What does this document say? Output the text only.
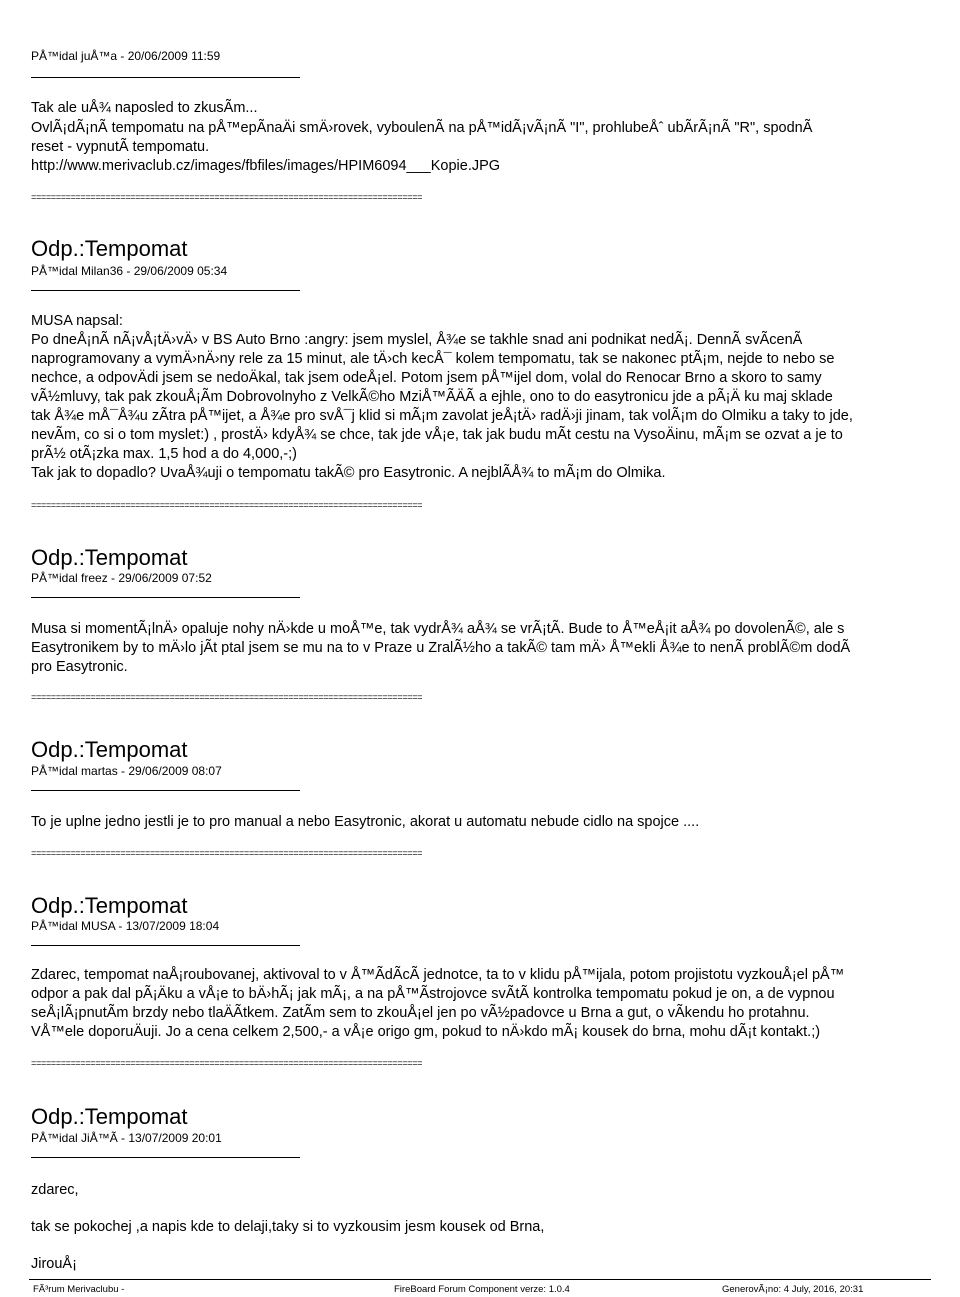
PÅ™idal juÅ™a - 20/06/2009 11:59
Tak ale uÅ¾ naposled to zkusÃm...
OvlÃ¡dÃ¡nÃ tempomatu na pÅ™epÃnaÄi smÄ›rovek, vyboulenÃ na pÅ™idÃ¡vÃ¡nÃ "I", prohlubeÅˆ ubÃrÃ¡nÃ "R", spodnÃ
reset - vypnutÃ tempomatu.
http://www.merivaclub.cz/images/fbfiles/images/HPIM6094___Kopie.JPG
===============================================================================
Odp.:Tempomat
PÅ™idal Milan36 - 29/06/2009 05:34
MUSA napsal:
Po dneÅ¡nÃ nÃ¡vÅ¡tÄ›vÄ› v BS Auto Brno :angry: jsem myslel, Å¾e se takhle snad ani podnikat nedÃ¡. DennÃ svÃcenÃ
naprogramovany a vymÄ›nÄ›ny rele za 15 minut, ale tÄ›ch kecÅ¯ kolem tempomatu, tak se nakonec ptÃ¡m, nejde to nebo se
nechce, a odpovÄdi jsem se nedoÄkal, tak jsem odeÅ¡el. Potom jsem pÅ™ijel dom, volal do Renocar Brno a skoro to samy
vÃ½mluvy, tak pak zkouÅ¡Ãm Dobrovolnyho z VelkÃ©ho MziÅ™ÃÄÃ a ejhle, ono to do easytronicu jde a pÃ¡Ä ku maj sklade
tak Å¾e mÅ¯Å¾u zÃtra pÅ™ijet, a Å¾e pro svÅ¯j klid si mÃ¡m zavolat jeÅ¡tÄ› radÄ›ji jinam, tak volÃ¡m do Olmiku a taky to jde,
nevÃm, co si o tom myslet:) , prostÄ› kdyÅ¾ se chce, tak jde vÅ¡e, tak jak budu mÃt cestu na VysoÄinu, mÃ¡m se ozvat a je to
prÃ½ otÃ¡zka max. 1,5 hod a do 4,000,-;)
Tak jak to dopadlo? UvaÅ¾uji o tempomatu takÃ© pro Easytronic. A nejblÃÅ¾ to mÃ¡m do Olmika.
===============================================================================
Odp.:Tempomat
PÅ™idal freez - 29/06/2009 07:52
Musa si momentÃ¡lnÄ› opaluje nohy nÄ›kde u moÅ™e, tak vydrÅ¾ aÅ¾ se vrÃ¡tÃ. Bude to Å™eÅ¡it aÅ¾ po dovolenÃ©, ale s
Easytronikem by to mÄ›lo jÃt ptal jsem se mu na to v Praze u ZralÃ½ho a takÃ© tam mÄ› Å™ekli Å¾e to nenÃ problÃ©m dodÃ
pro Easytronic.
===============================================================================
Odp.:Tempomat
PÅ™idal martas - 29/06/2009 08:07
To je uplne jedno jestli je to pro manual a nebo Easytronic, akorat u automatu nebude cidlo na spojce ....
===============================================================================
Odp.:Tempomat
PÅ™idal MUSA - 13/07/2009 18:04
Zdarec, tempomat naÅ¡roubovanej, aktivoval to v Å™ÃdÃcÃ jednotce, ta to v klidu pÅ™ijala, potom projistotu vyzkouÅ¡el pÅ™
odpor a pak dal pÃ¡Äku a vÅ¡e to bÄ›hÃ¡ jak mÃ¡, a na pÅ™Ãstrojovce svÃtÃ kontrolka tempomatu pokud je on, a de vypnou
seÅ¡lÃ¡pnutÃm brzdy nebo tlaÄÃtkem. ZatÃm sem to zkouÅ¡el jen po vÃ½padovce u Brna a gut, o vÃkendu ho protahnu.
VÅ™ele doporuÄuji. Jo a cena celkem 2,500,- a vÅ¡e origo gm, pokud to nÄ›kdo mÃ¡ kousek do brna, mohu dÃ¡t kontakt.;)
===============================================================================
Odp.:Tempomat
PÅ™idal JiÅ™Ã - 13/07/2009 20:01
zdarec,
tak se pokochej ,a napis kde to delaji,taky si to vyzkousim jesm kousek od Brna,
JirouÅ¡
FÃ³rum Merivaclubu -	FireBoard Forum Component verze: 1.0.4	GenerovÃ¡no: 4 July, 2016, 20:31
